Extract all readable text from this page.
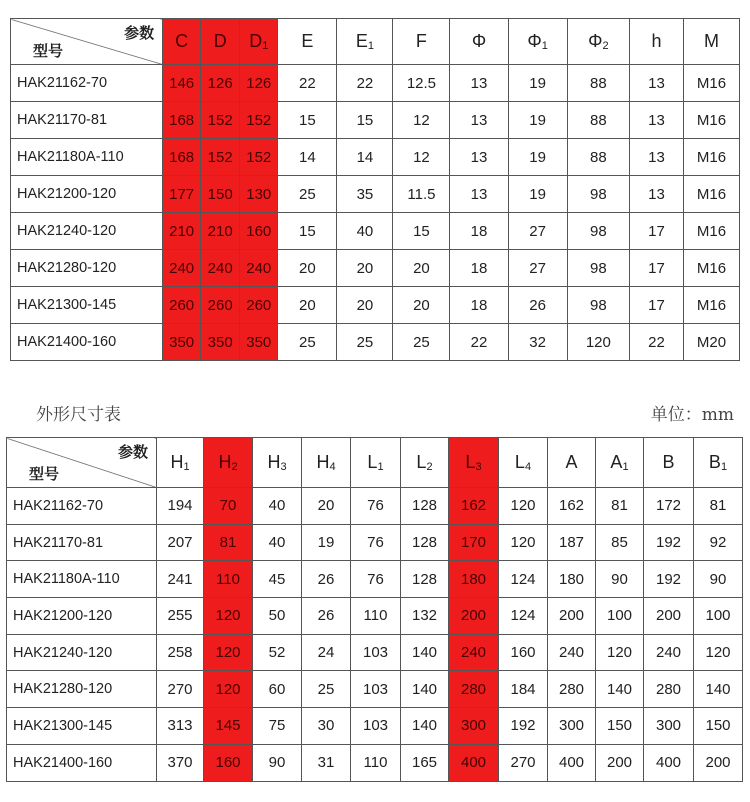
参数
型号	C	D	D1	E	E1	F	Φ	Φ1	Φ2	h	M
HAK21162-70	146	126	126	22	22	12.5	13	19	88	13	M16
HAK21170-81	168	152	152	15	15	12	13	19	88	13	M16
HAK21180A-110	168	152	152	14	14	12	13	19	88	13	M16
HAK21200-120	177	150	130	25	35	11.5	13	19	98	13	M16
HAK21240-120	210	210	160	15	40	15	18	27	98	17	M16
HAK21280-120	240	240	240	20	20	20	18	27	98	17	M16
HAK21300-145	260	260	260	20	20	20	18	26	98	17	M16
HAK21400-160	350	350	350	25	25	25	22	32	120	22	M20
外形尺寸表	单位：mm
参数
型号	H1	H2	H3	H4	L1	L2	L3	L4	A	A1	B	B1
HAK21162-70	194	70	40	20	76	128	162	120	162	81	172	81
HAK21170-81	207	81	40	19	76	128	170	120	187	85	192	92
HAK21180A-110	241	110	45	26	76	128	180	124	180	90	192	90
HAK21200-120	255	120	50	26	110	132	200	124	200	100	200	100
HAK21240-120	258	120	52	24	103	140	240	160	240	120	240	120
HAK21280-120	270	120	60	25	103	140	280	184	280	140	280	140
HAK21300-145	313	145	75	30	103	140	300	192	300	150	300	150
HAK21400-160	370	160	90	31	110	165	400	270	400	200	400	200
